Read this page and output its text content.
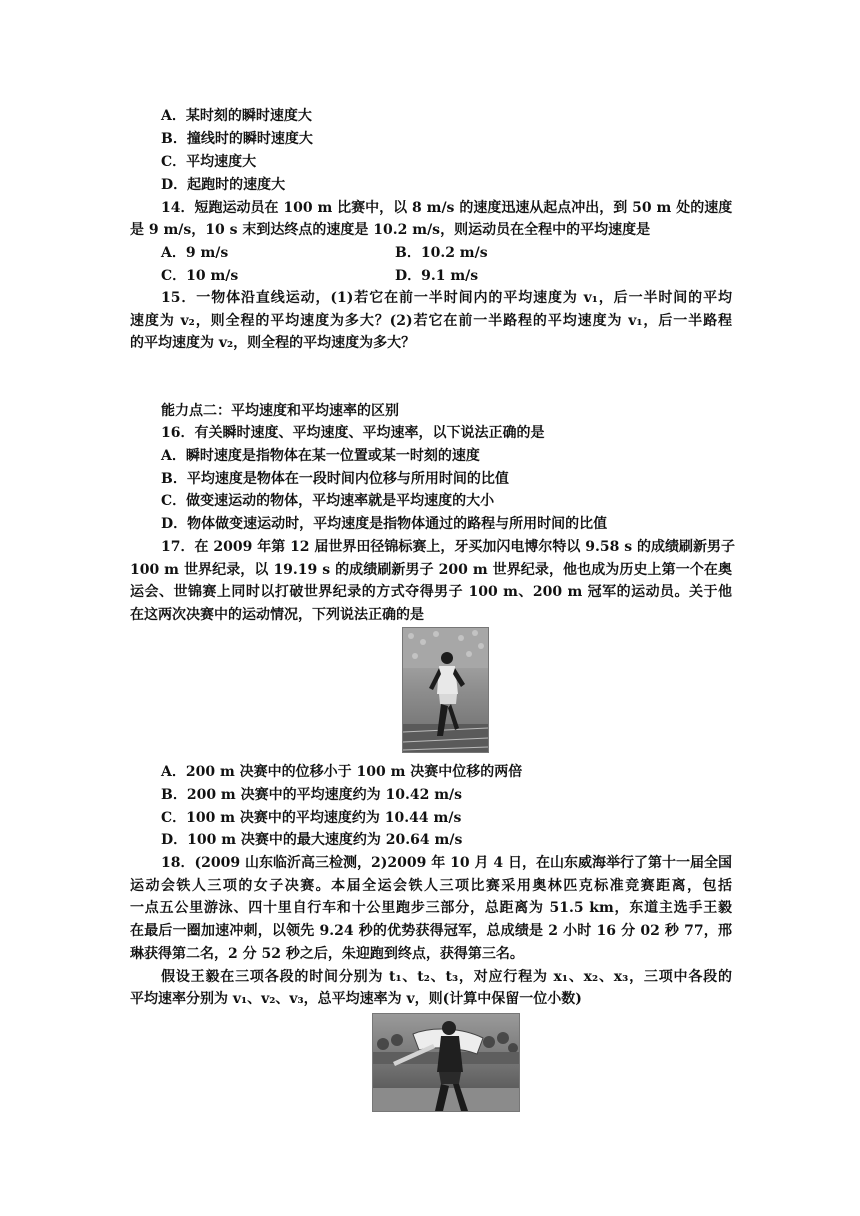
A．某时刻的瞬时速度大
B．撞线时的瞬时速度大
C．平均速度大
D．起跑时的速度大
14．短跑运动员在 100 m 比赛中，以 8 m/s 的速度迅速从起点冲出，到 50 m 处的速度
是 9 m/s，10 s 末到达终点的速度是 10.2 m/s，则运动员在全程中的平均速度是
A．9 m/s	B．10.2 m/s
C．10 m/s	D．9.1 m/s
15．一物体沿直线运动，(1)若它在前一半时间内的平均速度为 v₁，后一半时间的平均
速度为 v₂，则全程的平均速度为多大？(2)若它在前一半路程的平均速度为 v₁，后一半路程
的平均速度为 v₂，则全程的平均速度为多大？
能力点二：平均速度和平均速率的区别
16．有关瞬时速度、平均速度、平均速率，以下说法正确的是
A．瞬时速度是指物体在某一位置或某一时刻的速度
B．平均速度是物体在一段时间内位移与所用时间的比值
C．做变速运动的物体，平均速率就是平均速度的大小
D．物体做变速运动时，平均速度是指物体通过的路程与所用时间的比值
17．在 2009 年第 12 届世界田径锦标赛上，牙买加闪电博尔特以 9.58 s 的成绩刷新男子
100 m 世界纪录，以 19.19 s 的成绩刷新男子 200 m 世界纪录，他也成为历史上第一个在奥
运会、世锦赛上同时以打破世界纪录的方式夺得男子 100 m、200 m 冠军的运动员。关于他
在这两次决赛中的运动情况，下列说法正确的是
A．200 m 决赛中的位移小于 100 m 决赛中位移的两倍
B．200 m 决赛中的平均速度约为 10.42 m/s
C．100 m 决赛中的平均速度约为 10.44 m/s
D．100 m 决赛中的最大速度约为 20.64 m/s
18．(2009 山东临沂高三检测，2)2009 年 10 月 4 日，在山东威海举行了第十一届全国
运动会铁人三项的女子决赛。本届全运会铁人三项比赛采用奥林匹克标准竞赛距离，包括
一点五公里游泳、四十里自行车和十公里跑步三部分，总距离为 51.5 km，东道主选手王毅
在最后一圈加速冲刺，以领先 9.24 秒的优势获得冠军，总成绩是 2 小时 16 分 02 秒 77，邢
琳获得第二名，2 分 52 秒之后，朱迎跑到终点，获得第三名。
假设王毅在三项各段的时间分别为 t₁、t₂、t₃，对应行程为 x₁、x₂、x₃，三项中各段的
平均速率分别为 v₁、v₂、v₃，总平均速率为 v，则(计算中保留一位小数)
